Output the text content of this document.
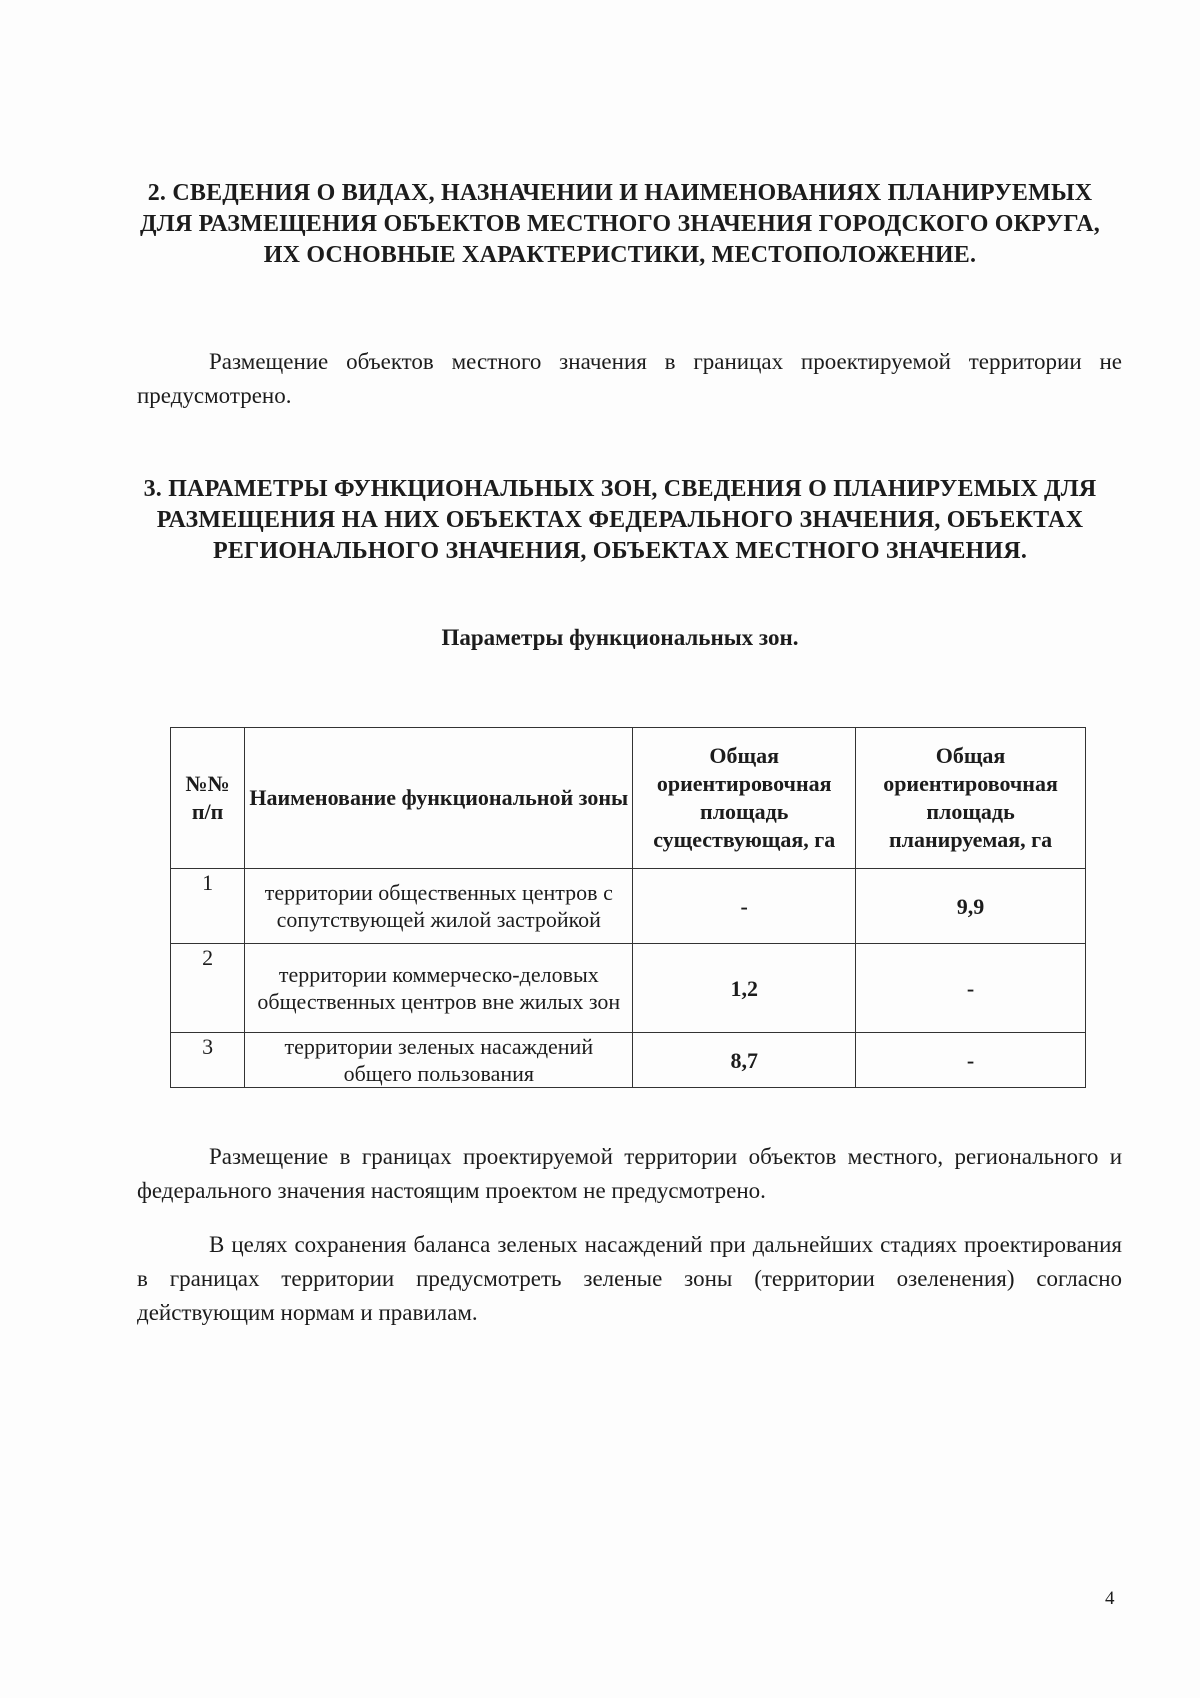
2. СВЕДЕНИЯ О ВИДАХ, НАЗНАЧЕНИИ И НАИМЕНОВАНИЯХ ПЛАНИРУЕМЫХ ДЛЯ РАЗМЕЩЕНИЯ ОБЪЕКТОВ МЕСТНОГО ЗНАЧЕНИЯ ГОРОДСКОГО ОКРУГА, ИХ ОСНОВНЫЕ ХАРАКТЕРИСТИКИ, МЕСТОПОЛОЖЕНИЕ.

Размещение объектов местного значения в границах проектируемой территории не предусмотрено.

3. ПАРАМЕТРЫ ФУНКЦИОНАЛЬНЫХ ЗОН, СВЕДЕНИЯ О ПЛАНИРУЕМЫХ ДЛЯ РАЗМЕЩЕНИЯ НА НИХ ОБЪЕКТАХ ФЕДЕРАЛЬНОГО ЗНАЧЕНИЯ, ОБЪЕКТАХ РЕГИОНАЛЬНОГО ЗНАЧЕНИЯ, ОБЪЕКТАХ МЕСТНОГО ЗНАЧЕНИЯ.
Параметры функциональных зон.
№№ п/п	Наименование функциональной зоны	Общая ориентировочная площадь существующая, га	Общая ориентировочная площадь планируемая, га
1	территории общественных центров с сопутствующей жилой застройкой	-	9,9
2	территории коммерческо-деловых общественных центров вне жилых зон	1,2	-
3	территории зеленых насаждений общего пользования	8,7	-

Размещение в границах проектируемой территории объектов местного, регионального и федерального значения настоящим проектом не предусмотрено.

В целях сохранения баланса зеленых насаждений при дальнейших стадиях проектирования в границах территории предусмотреть зеленые зоны (территории озеленения) согласно действующим нормам и правилам.

4
